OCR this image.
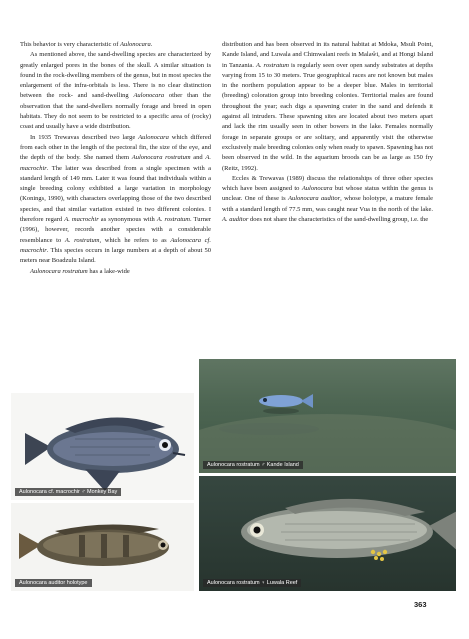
This behavior is very characteristic of Aulonocara.

As mentioned above, the sand-dwelling species are characterized by greatly enlarged pores in the bones of the skull. A similar situation is found in the rock-dwelling members of the genus, but in most species the enlargement of the infra-orbitals is less. There is no clear distinction between the rock- and sand-dwelling Aulonocara other than the observation that the sand-dwellers normally forage and breed in open habitats. They do not seem to be restricted to a specific area of (rocky) coast and usually have a wide distribution.

In 1935 Trewavas described two large Aulonocara which differed from each other in the length of the pectoral fin, the size of the eye, and the depth of the body. She named them Aulonocara rostratum and A. macrochir. The latter was described from a single specimen with a standard length of 149 mm. Later it was found that individuals within a single breeding colony exhibited a large variation in morphology (Konings, 1990), with characters overlapping those of the two described species, and that similar variation existed in two different colonies. I therefore regard A. macrochir as synonymous with A. rostratum. Turner (1996), however, records another species with a considerable resemblance to A. rostratum, which he refers to as Aulonocara cf. macrochir. This species occurs in large numbers at a depth of about 50 meters near Boadzulu Island.

Aulonocara rostratum has a lake-wide

distribution and has been observed in its natural habitat at Mdoka, Msuli Point, Kande Island, and Luwala and Chimwalani reefs in Malaŵi, and at Hongi Island in Tanzania. A. rostratum is regularly seen over open sandy substrates at depths varying from 15 to 30 meters. True geographical races are not known but males in the northern population appear to be a deeper blue. Males in territorial (breeding) coloration group into breeding colonies. Territorial males are found throughout the year; each digs a spawning crater in the sand and defends it against all intruders. These spawning sites are located about two meters apart and lack the rim usually seen in other bowers in the lake. Females normally forage in separate groups or are solitary, and apparently visit the otherwise exclusively male breeding colonies only when ready to spawn. Spawning has not been observed in the wild. In the aquarium broods can be as large as 150 fry (Reitz, 1992).

Eccles & Trewavas (1989) discuss the relationships of three other species which have been assigned to Aulonocara but whose status within the genus is unclear. One of these is Aulonocara auditor, whose holotype, a mature female with a standard length of 77.5 mm, was caught near Vua in the north of the lake. A. auditor does not share the characteristics of the sand-dwelling group, i.e. the

Aulonocara rostratum ♂ Kande Island
Aulonocara cf. macrochir ♂ Monkey Bay
Aulonocara auditor holotype	Aulonocara rostratum ♀ Luwala Reef
363
